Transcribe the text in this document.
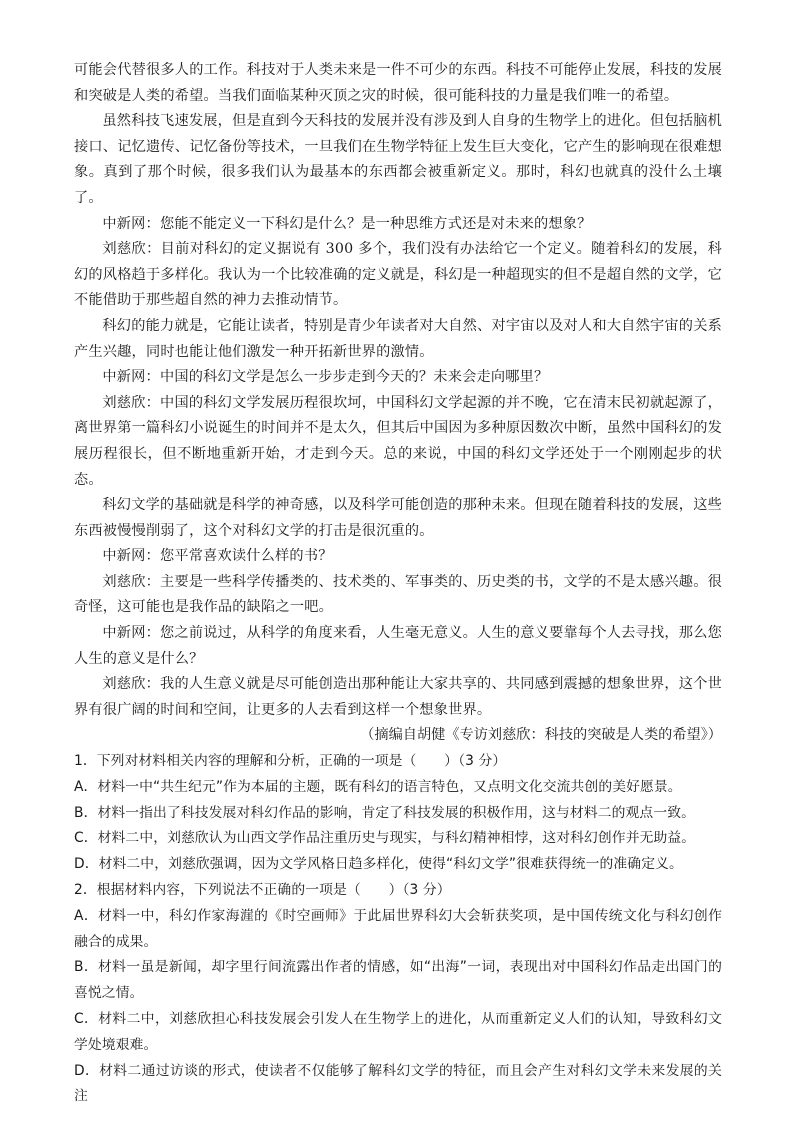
可能会代替很多人的工作。科技对于人类未来是一件不可少的东西。科技不可能停止发展，科技的发展和突破是人类的希望。当我们面临某种灭顶之灾的时候，很可能科技的力量是我们唯一的希望。

虽然科技飞速发展，但是直到今天科技的发展并没有涉及到人自身的生物学上的进化。但包括脑机接口、记忆遗传、记忆备份等技术，一旦我们在生物学特征上发生巨大变化，它产生的影响现在很难想象。真到了那个时候，很多我们认为最基本的东西都会被重新定义。那时，科幻也就真的没什么土壤了。

中新网：您能不能定义一下科幻是什么？是一种思维方式还是对未来的想象？

刘慈欣：目前对科幻的定义据说有 300 多个，我们没有办法给它一个定义。随着科幻的发展，科幻的风格趋于多样化。我认为一个比较准确的定义就是，科幻是一种超现实的但不是超自然的文学，它不能借助于那些超自然的神力去推动情节。

科幻的能力就是，它能让读者，特别是青少年读者对大自然、对宇宙以及对人和大自然宇宙的关系产生兴趣，同时也能让他们激发一种开拓新世界的激情。

中新网：中国的科幻文学是怎么一步步走到今天的？未来会走向哪里？

刘慈欣：中国的科幻文学发展历程很坎坷，中国科幻文学起源的并不晚，它在清末民初就起源了，离世界第一篇科幻小说诞生的时间并不是太久，但其后中国因为多种原因数次中断，虽然中国科幻的发展历程很长，但不断地重新开始，才走到今天。总的来说，中国的科幻文学还处于一个刚刚起步的状态。

科幻文学的基础就是科学的神奇感，以及科学可能创造的那种未来。但现在随着科技的发展，这些东西被慢慢削弱了，这个对科幻文学的打击是很沉重的。

中新网：您平常喜欢读什么样的书？

刘慈欣：主要是一些科学传播类的、技术类的、军事类的、历史类的书，文学的不是太感兴趣。很奇怪，这可能也是我作品的缺陷之一吧。

中新网：您之前说过，从科学的角度来看，人生毫无意义。人生的意义要靠每个人去寻找，那么您人生的意义是什么？

刘慈欣：我的人生意义就是尽可能创造出那种能让大家共享的、共同感到震撼的想象世界，这个世界有很广阔的时间和空间，让更多的人去看到这样一个想象世界。

（摘编自胡健《专访刘慈欣：科技的突破是人类的希望》）

1．下列对材料相关内容的理解和分析，正确的一项是（　　）（3 分）

A．材料一中“共生纪元”作为本届的主题，既有科幻的语言特色，又点明文化交流共创的美好愿景。

B．材料一指出了科技发展对科幻作品的影响，肯定了科技发展的积极作用，这与材料二的观点一致。

C．材料二中，刘慈欣认为山西文学作品注重历史与现实，与科幻精神相悖，这对科幻创作并无助益。

D．材料二中，刘慈欣强调，因为文学风格日趋多样化，使得“科幻文学”很难获得统一的准确定义。

2．根据材料内容，下列说法不正确的一项是（　　）（3 分）

A．材料一中，科幻作家海漄的《时空画师》于此届世界科幻大会斩获奖项，是中国传统文化与科幻创作融合的成果。

B．材料一虽是新闻，却字里行间流露出作者的情感，如“出海”一词，表现出对中国科幻作品走出国门的喜悦之情。

C．材料二中，刘慈欣担心科技发展会引发人在生物学上的进化，从而重新定义人们的认知，导致科幻文学处境艰难。

D．材料二通过访谈的形式，使读者不仅能够了解科幻文学的特征，而且会产生对科幻文学未来发展的关注
